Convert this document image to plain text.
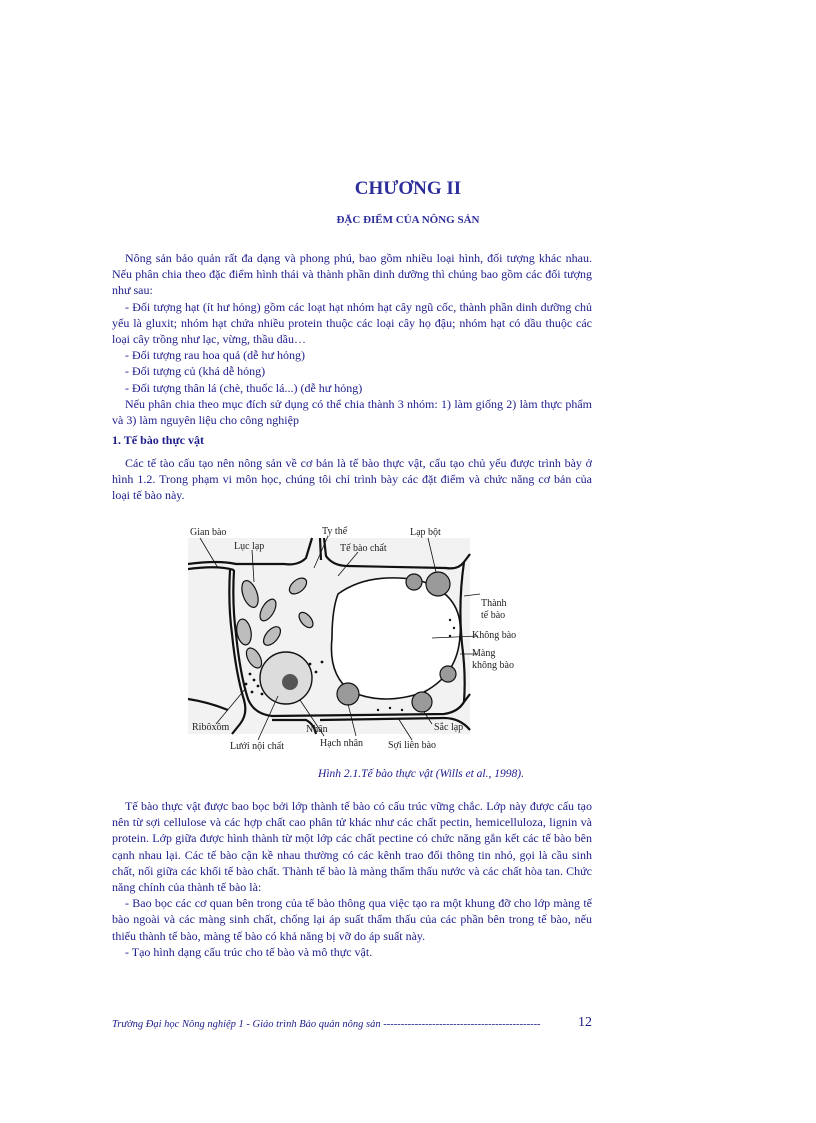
CHƯƠNG II
ĐẶC ĐIỂM CỦA NÔNG SẢN

Nông sản bảo quản rất đa dạng và phong phú, bao gồm nhiều loại hình, đối tượng khác nhau. Nếu phân chia theo đặc điểm hình thái và thành phần dinh dưỡng thì chúng bao gồm các đối tượng như sau:

- Đối tượng hạt (ít hư hỏng) gồm các loạt hạt nhóm hạt cây ngũ cốc, thành phần dinh dưỡng chủ yếu là gluxit; nhóm hạt chứa nhiều protein thuộc các loại cây họ đậu; nhóm hạt có dầu thuộc các loại cây trồng như lạc, vừng, thầu dầu…

- Đối tượng rau hoa quả (dễ hư hỏng)

- Đối tượng củ (khá dễ hỏng)

- Đối tượng thân lá (chè, thuốc lá...) (dễ hư hỏng)

Nếu phân chia theo mục đích sử dụng có thể chia thành 3 nhóm: 1) làm giống 2) làm thực phẩm và 3) làm nguyên liệu cho công nghiệp

1. Tế bào thực vật

Các tế tào cấu tạo nên nông sản về cơ bản là tế bào thực vật, cấu tạo chủ yếu được trình bày ở hình 1.2. Trong phạm vi môn học, chúng tôi chỉ trình bày các đặt điểm và chức năng cơ bản của loại tế bào này.

Gian bào
Lục lạp
Ty thể
Tế bào chất
Lạp bột
Thành
tế bào
Không bào
Màng
không bào
Ribôxôm
Lưới nội chất
Nhân
Hạch nhân
Sắc lạp
Sợi liên bào
Hình 2.1.Tế bào thực vật (Wills et al., 1998).

Tế bào thực vật được bao bọc bởi lớp thành tế bào có cấu trúc vững chắc. Lớp này được cấu tạo nên từ sợi cellulose và các hợp chất cao phân tử khác như các chất pectin, hemicelluloza, lignin và protein. Lớp giữa được hình thành từ một lớp các chất pectine có chức năng gắn kết các tế bào bên cạnh nhau lại. Các tế bào cận kề nhau thường có các kênh trao đổi thông tin nhỏ, gọi là cầu sinh chất, nối giữa các khối tế bào chất. Thành tế bào là màng thẩm thấu nước và các chất hòa tan. Chức năng chính của thành tế bào là:

- Bao bọc các cơ quan bên trong của tế bào thông qua việc tạo ra một khung đỡ cho lớp màng tế bào ngoài và các màng sinh chất, chống lại áp suất thẩm thấu của các phần bên trong tế bào, nếu thiếu thành tế bào, màng tế bào có khả năng bị vỡ do áp suất này.

- Tạo hình dạng cấu trúc cho tế bào và mô thực vật.

Trường Đại học Nông nghiệp 1 - Giáo trình Bảo quản nông sản ---------------------------------------------	12
